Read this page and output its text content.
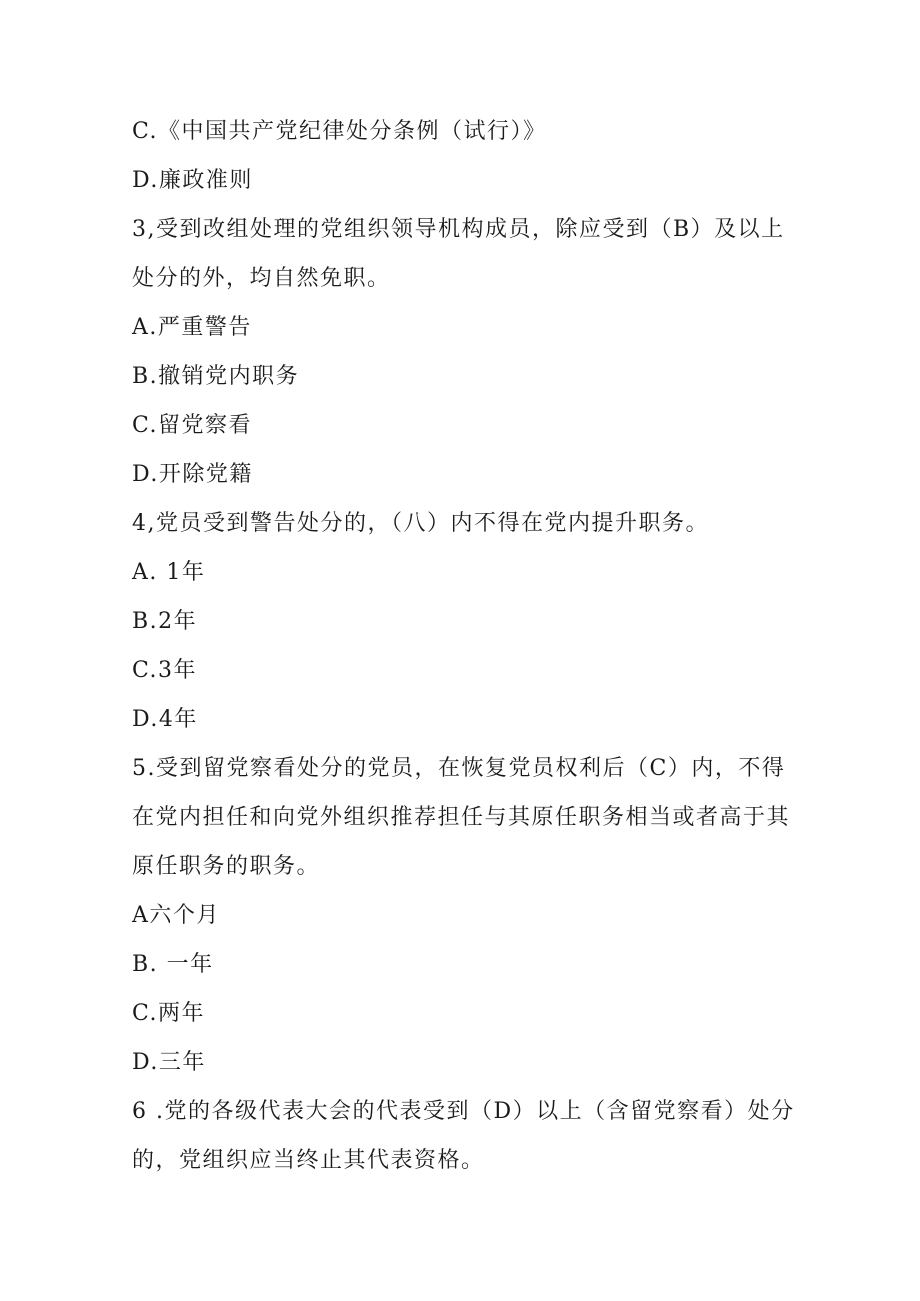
C.《中国共产党纪律处分条例（试行）》
D.廉政准则
3,受到改组处理的党组织领导机构成员，除应受到（B）及以上
处分的外，均自然免职。
A.严重警告
B.撤销党内职务
C.留党察看
D.开除党籍
4,党员受到警告处分的，（八）内不得在党内提升职务。
A. 1年
B.2年
C.3年
D.4年
5.受到留党察看处分的党员，在恢复党员权利后（C）内，不得
在党内担任和向党外组织推荐担任与其原任职务相当或者高于其
原任职务的职务。
A六个月
B. 一年
C.两年
D.三年
6 .党的各级代表大会的代表受到（D）以上（含留党察看）处分
的，党组织应当终止其代表资格。
